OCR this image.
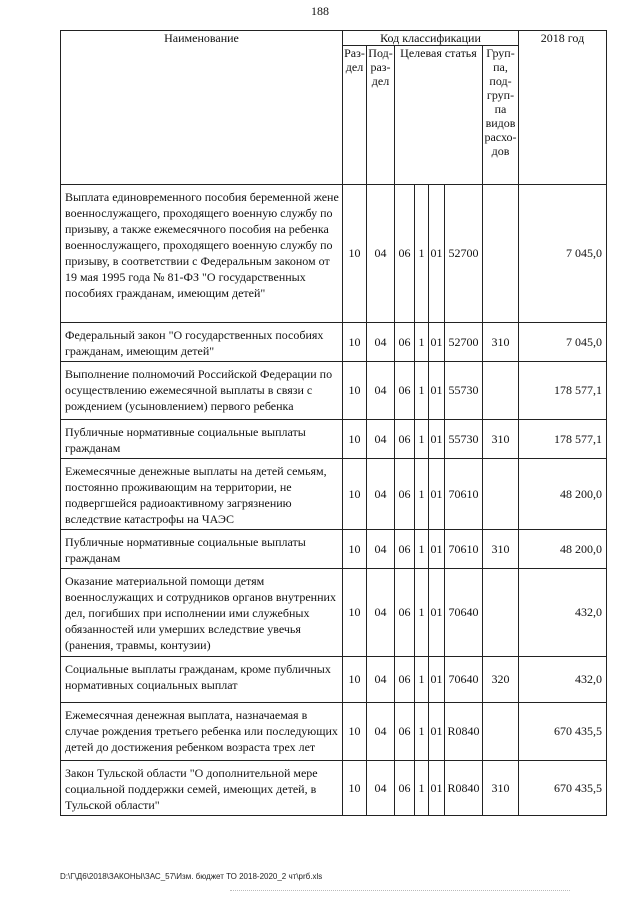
188
Наименование	Код классификации							2018 год
	Раз-дел	Под-раз-дел	Целевая статья				Груп-па, под-груп-па видов расхо-дов	
Выплата единовременного пособия беременной жене военнослужащего, проходящего военную службу по призыву, а также ежемесячного пособия на ребенка военнослужащего, проходящего военную службу по призыву, в соответствии с Федеральным законом от 19 мая 1995 года № 81-ФЗ "О государственных пособиях гражданам, имеющим детей"	10	04	06	1	01	52700		7 045,0
Федеральный закон "О государственных пособиях гражданам, имеющим детей"	10	04	06	1	01	52700	310	7 045,0
Выполнение полномочий Российской Федерации по осуществлению ежемесячной выплаты в связи с рождением (усыновлением) первого ребенка	10	04	06	1	01	55730		178 577,1
Публичные нормативные социальные выплаты гражданам	10	04	06	1	01	55730	310	178 577,1
Ежемесячные денежные выплаты на детей семьям, постоянно проживающим на территории, не подвергшейся радиоактивному загрязнению вследствие катастрофы на ЧАЭС	10	04	06	1	01	70610		48 200,0
Публичные нормативные социальные выплаты гражданам	10	04	06	1	01	70610	310	48 200,0
Оказание материальной помощи детям военнослужащих и сотрудников органов внутренних дел, погибших при исполнении ими служебных обязанностей или умерших вследствие увечья (ранения, травмы, контузии)	10	04	06	1	01	70640		432,0
Социальные выплаты гражданам, кроме публичных нормативных социальных выплат	10	04	06	1	01	70640	320	432,0
Ежемесячная денежная выплата, назначаемая в случае рождения третьего ребенка или последующих детей до достижения ребенком возраста трех лет	10	04	06	1	01	R0840		670 435,5
Закон Тульской области "О дополнительной мере социальной поддержки семей, имеющих детей, в Тульской области"	10	04	06	1	01	R0840	310	670 435,5
D:\Г\Д6\2018\ЗАКОНЫ\ЗАС_57\Изм. бюджет ТО 2018-2020_2 чт\рrб.xls
